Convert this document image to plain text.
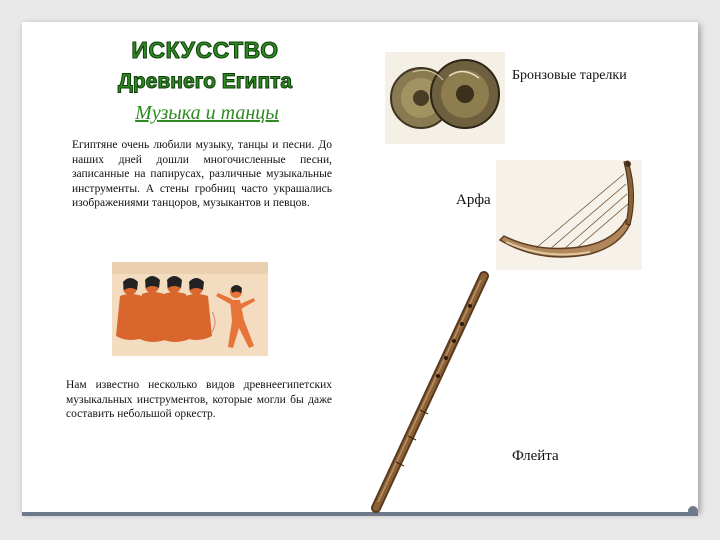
ИСКУССТВО
Древнего Египта
Музыка и танцы
Египтяне очень любили музыку, танцы и песни. До наших дней дошли многочисленные песни, записанные на папирусах, различные музыкальные инструменты. А стены гробниц часто украшались изображениями танцоров, музыкантов и певцов.
Нам известно несколько видов древнеегипетских музыкальных инструментов, которые могли бы даже составить небольшой оркестр.
Бронзовые тарелки
Арфа
Флейта
